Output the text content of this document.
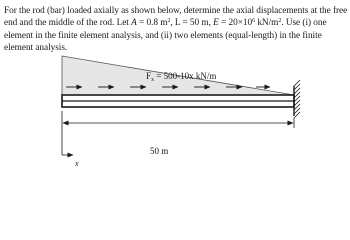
For the rod (bar) loaded axially as shown below, determine the axial displacements at the free end and the middle of the rod. Let A = 0.8 $m^2$, L = 50 m, $E = 20\times 10^6$ $kN/m^2$. Use (i) one element in the finite element analysis, and (ii) two elements (equal-length) in the finite element analysis.
$F_x = 500-10x$ kN/m
50 m
x
